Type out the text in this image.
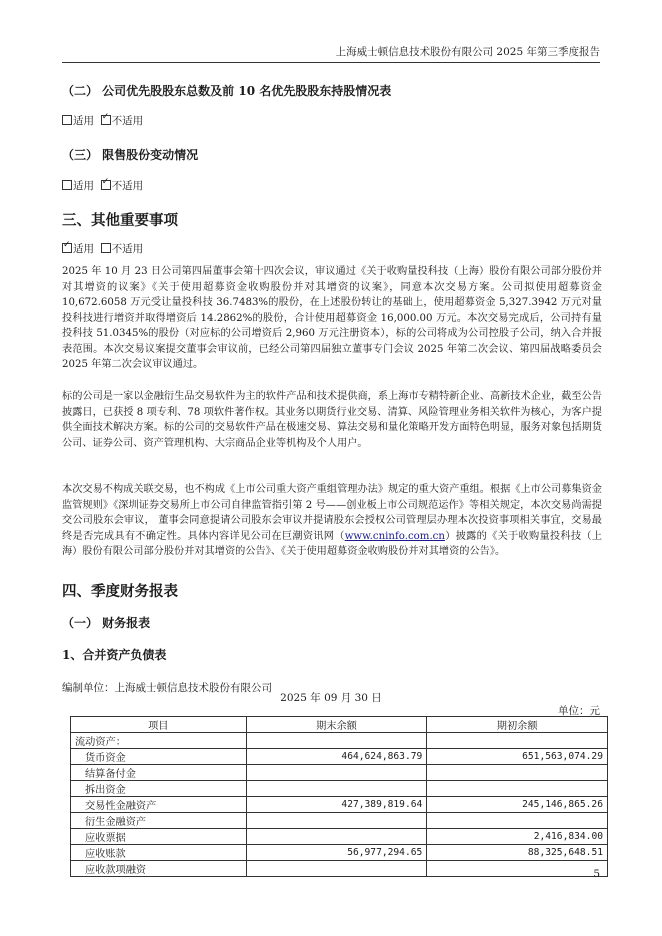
上海威士顿信息技术股份有限公司 2025 年第三季度报告
（二） 公司优先股股东总数及前 10 名优先股股东持股情况表
适用 ✓ 不适用
（三） 限售股份变动情况
适用 ✓ 不适用
三、其他重要事项
✓适用 不适用
2025 年 10 月 23 日公司第四届董事会第十四次会议，审议通过《关于收购量投科技（上海）股份有限公司部分股份并对其增资的议案》《关于使用超募资金收购股份并对其增资的议案》，同意本次交易方案。公司拟使用超募资金 10,672.6058 万元受让量投科技 36.7483%的股份，在上述股份转让的基础上，使用超募资金 5,327.3942 万元对量投科技进行增资并取得增资后 14.2862%的股份，合计使用超募资金 16,000.00 万元。本次交易完成后，公司持有量投科技 51.0345%的股份（对应标的公司增资后 2,960 万元注册资本），标的公司将成为公司控股子公司，纳入合并报表范围。本次交易议案提交董事会审议前，已经公司第四届独立董事专门会议 2025 年第二次会议、第四届战略委员会 2025 年第二次会议审议通过。
标的公司是一家以金融衍生品交易软件为主的软件产品和技术提供商，系上海市专精特新企业、高新技术企业，截至公告披露日，已获授 8 项专利、78 项软件著作权。其业务以期货行业交易、清算、风险管理业务相关软件为核心，为客户提供全面技术解决方案。标的公司的交易软件产品在极速交易、算法交易和量化策略开发方面特色明显，服务对象包括期货公司、证券公司、资产管理机构、大宗商品企业等机构及个人用户。
本次交易不构成关联交易，也不构成《上市公司重大资产重组管理办法》规定的重大资产重组。根据《上市公司募集资金监管规则》《深圳证券交易所上市公司自律监管指引第 2 号——创业板上市公司规范运作》等相关规定，本次交易尚需提交公司股东会审议， 董事会同意提请公司股东会审议并提请股东会授权公司管理层办理本次投资事项相关事宜，交易最终是否完成具有不确定性。具体内容详见公司在巨潮资讯网（www.cninfo.com.cn）披露的《关于收购量投科技（上海）股份有限公司部分股份并对其增资的公告》、《关于使用超募资金收购股份并对其增资的公告》。
四、季度财务报表
（一） 财务报表
1、合并资产负债表
编制单位：上海威士顿信息技术股份有限公司
2025 年 09 月 30 日
单位：元
项目	期末余额	期初余额
流动资产：		
货币资金	464,624,863.79	651,563,074.29
结算备付金		
拆出资金		
交易性金融资产	427,389,819.64	245,146,865.26
衍生金融资产		
应收票据		2,416,834.00
应收账款	56,977,294.65	88,325,648.51
应收款项融资			5
